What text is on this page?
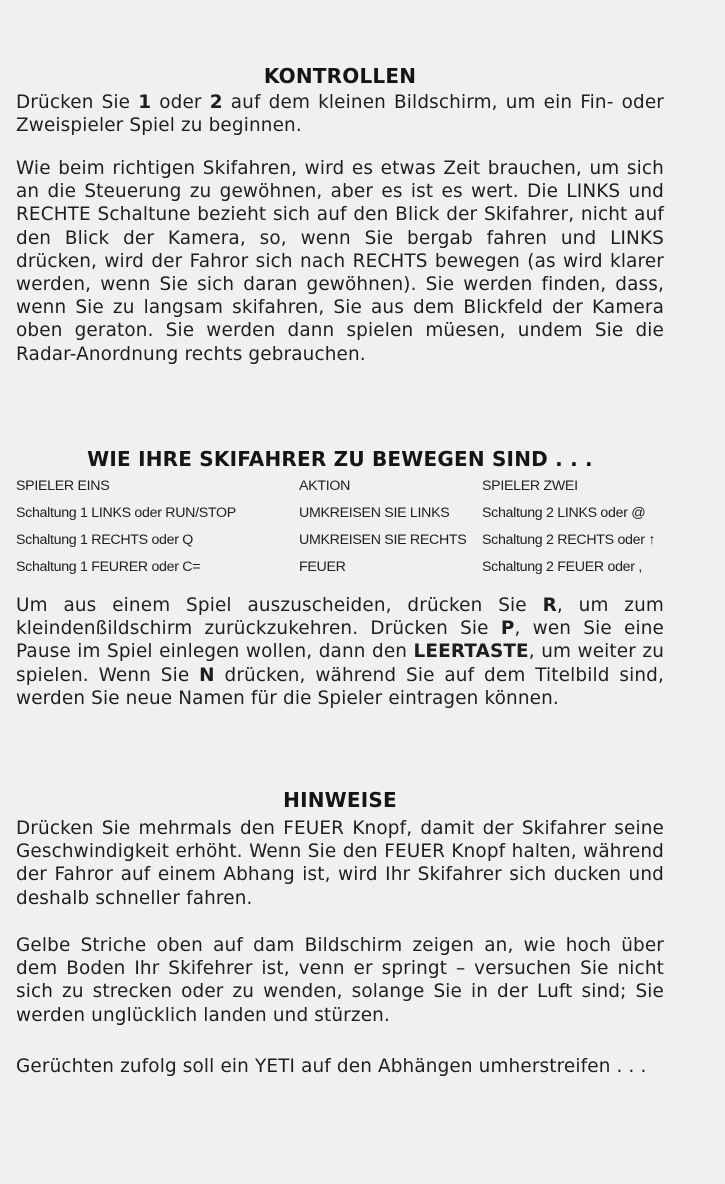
KONTROLLEN

Drücken Sie 1 oder 2 auf dem kleinen Bildschirm, um ein Fin- oder Zweispieler Spiel zu beginnen.

Wie beim richtigen Skifahren, wird es etwas Zeit brauchen, um sich an die Steuerung zu gewöhnen, aber es ist es wert. Die LINKS und RECHTE Schaltune bezieht sich auf den Blick der Skifahrer, nicht auf den Blick der Kamera, so, wenn Sie bergab fahren und LINKS drücken, wird der Fahror sich nach RECHTS bewegen (as wird klarer werden, wenn Sie sich daran gewöhnen). Sie werden finden, dass, wenn Sie zu langsam skifahren, Sie aus dem Blickfeld der Kamera oben geraton. Sie werden dann spielen müesen, undem Sie die Radar-Anordnung rechts gebrauchen.

WIE IHRE SKIFAHRER ZU BEWEGEN SIND . . .
SPIELER EINS	AKTION	SPIELER ZWEI
Schaltung 1 LINKS oder RUN/STOP	UMKREISEN SIE LINKS Schaltung 2 LINKS oder @
Schaltung 1 RECHTS oder Q	UMKREISEN SIE RECHTS Schaltung 2 RECHTS oder ↑
Schaltung 1 FEURER oder C=	FEUER	Schaltung 2 FEUER oder ,

Um aus einem Spiel auszuscheiden, drücken Sie R, um zum kleindenßildschirm zurückzukehren. Drücken Sie P, wen Sie eine Pause im Spiel einlegen wollen, dann den LEERTASTE, um weiter zu spielen. Wenn Sie N drücken, während Sie auf dem Titelbild sind, werden Sie neue Namen für die Spieler eintragen können.

HINWEISE

Drücken Sie mehrmals den FEUER Knopf, damit der Skifahrer seine Geschwindigkeit erhöht. Wenn Sie den FEUER Knopf halten, während der Fahror auf einem Abhang ist, wird Ihr Skifahrer sich ducken und deshalb schneller fahren.

Gelbe Striche oben auf dam Bildschirm zeigen an, wie hoch über dem Boden Ihr Skifehrer ist, venn er springt – versuchen Sie nicht sich zu strecken oder zu wenden, solange Sie in der Luft sind; Sie werden unglücklich landen und stürzen.

Gerüchten zufolg soll ein YETI auf den Abhängen umherstreifen . . .
